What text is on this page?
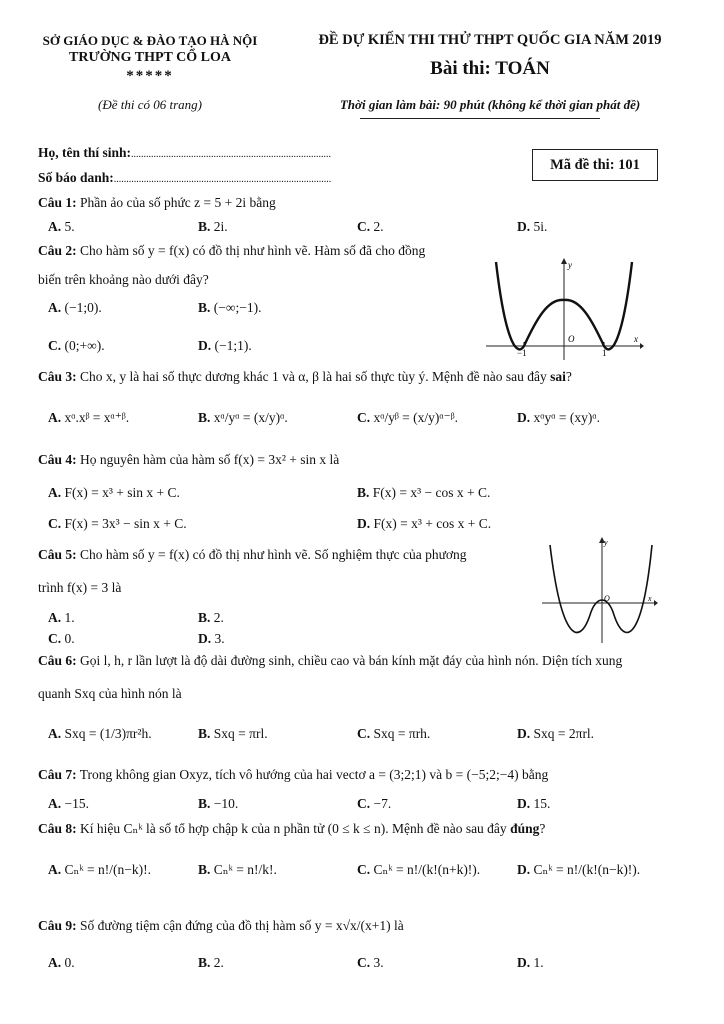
SỞ GIÁO DỤC & ĐÀO TẠO HÀ NỘI
TRƯỜNG THPT CỔ LOA
*****
(Đề thi có 06 trang)
ĐỀ DỰ KIẾN THI THỬ THPT QUỐC GIA NĂM 2019
Bài thi: TOÁN
Thời gian làm bài: 90 phút (không kể thời gian phát đề)
Họ, tên thí sinh:................................................................................
Số báo danh:.......................................................................................
Mã đề thi: 101
Câu 1: Phần ảo của số phức z = 5 + 2i bằng
A. 5.	B. 2i.	C. 2.	D. 5i.
Câu 2: Cho hàm số y = f(x) có đồ thị như hình vẽ. Hàm số đã cho đồng
biến trên khoảng nào dưới đây?
A. (−1;0).	B. (−∞;−1).
C. (0;+∞).	D. (−1;1).
y
x
O
−1	1
Câu 3: Cho x, y là hai số thực dương khác 1 và α, β là hai số thực tùy ý. Mệnh đề nào sau đây sai?
A. xᵅ.xᵝ = xᵅ⁺ᵝ.	B. xᵅ/yᵅ = (x/y)ᵅ.	C. xᵅ/yᵝ = (x/y)ᵅ⁻ᵝ.	D. xᵅyᵅ = (xy)ᵅ.
Câu 4: Họ nguyên hàm của hàm số f(x) = 3x² + sin x là
A. F(x) = x³ + sin x + C.	B. F(x) = x³ − cos x + C.
C. F(x) = 3x³ − sin x + C.	D. F(x) = x³ + cos x + C.
Câu 5: Cho hàm số y = f(x) có đồ thị như hình vẽ. Số nghiệm thực của phương
trình f(x) = 3 là
A. 1.	B. 2.
C. 0.	D. 3.
y
x
O
Câu 6: Gọi l, h, r lần lượt là độ dài đường sinh, chiều cao và bán kính mặt đáy của hình nón. Diện tích xung
quanh Sxq của hình nón là
A. Sxq = (1/3)πr²h.	B. Sxq = πrl.	C. Sxq = πrh.	D. Sxq = 2πrl.
Câu 7: Trong không gian Oxyz, tích vô hướng của hai vectơ a = (3;2;1) và b = (−5;2;−4) bằng
A. −15.	B. −10.	C. −7.	D. 15.
Câu 8: Kí hiệu Cₙᵏ là số tổ hợp chập k của n phần tử (0 ≤ k ≤ n). Mệnh đề nào sau đây đúng?
A. Cₙᵏ = n!/(n−k)!.	B. Cₙᵏ = n!/k!.	C. Cₙᵏ = n!/(k!(n+k)!).	D. Cₙᵏ = n!/(k!(n−k)!).
Câu 9: Số đường tiệm cận đứng của đồ thị hàm số y = x√x/(x+1) là
A. 0.	B. 2.	C. 3.	D. 1.
